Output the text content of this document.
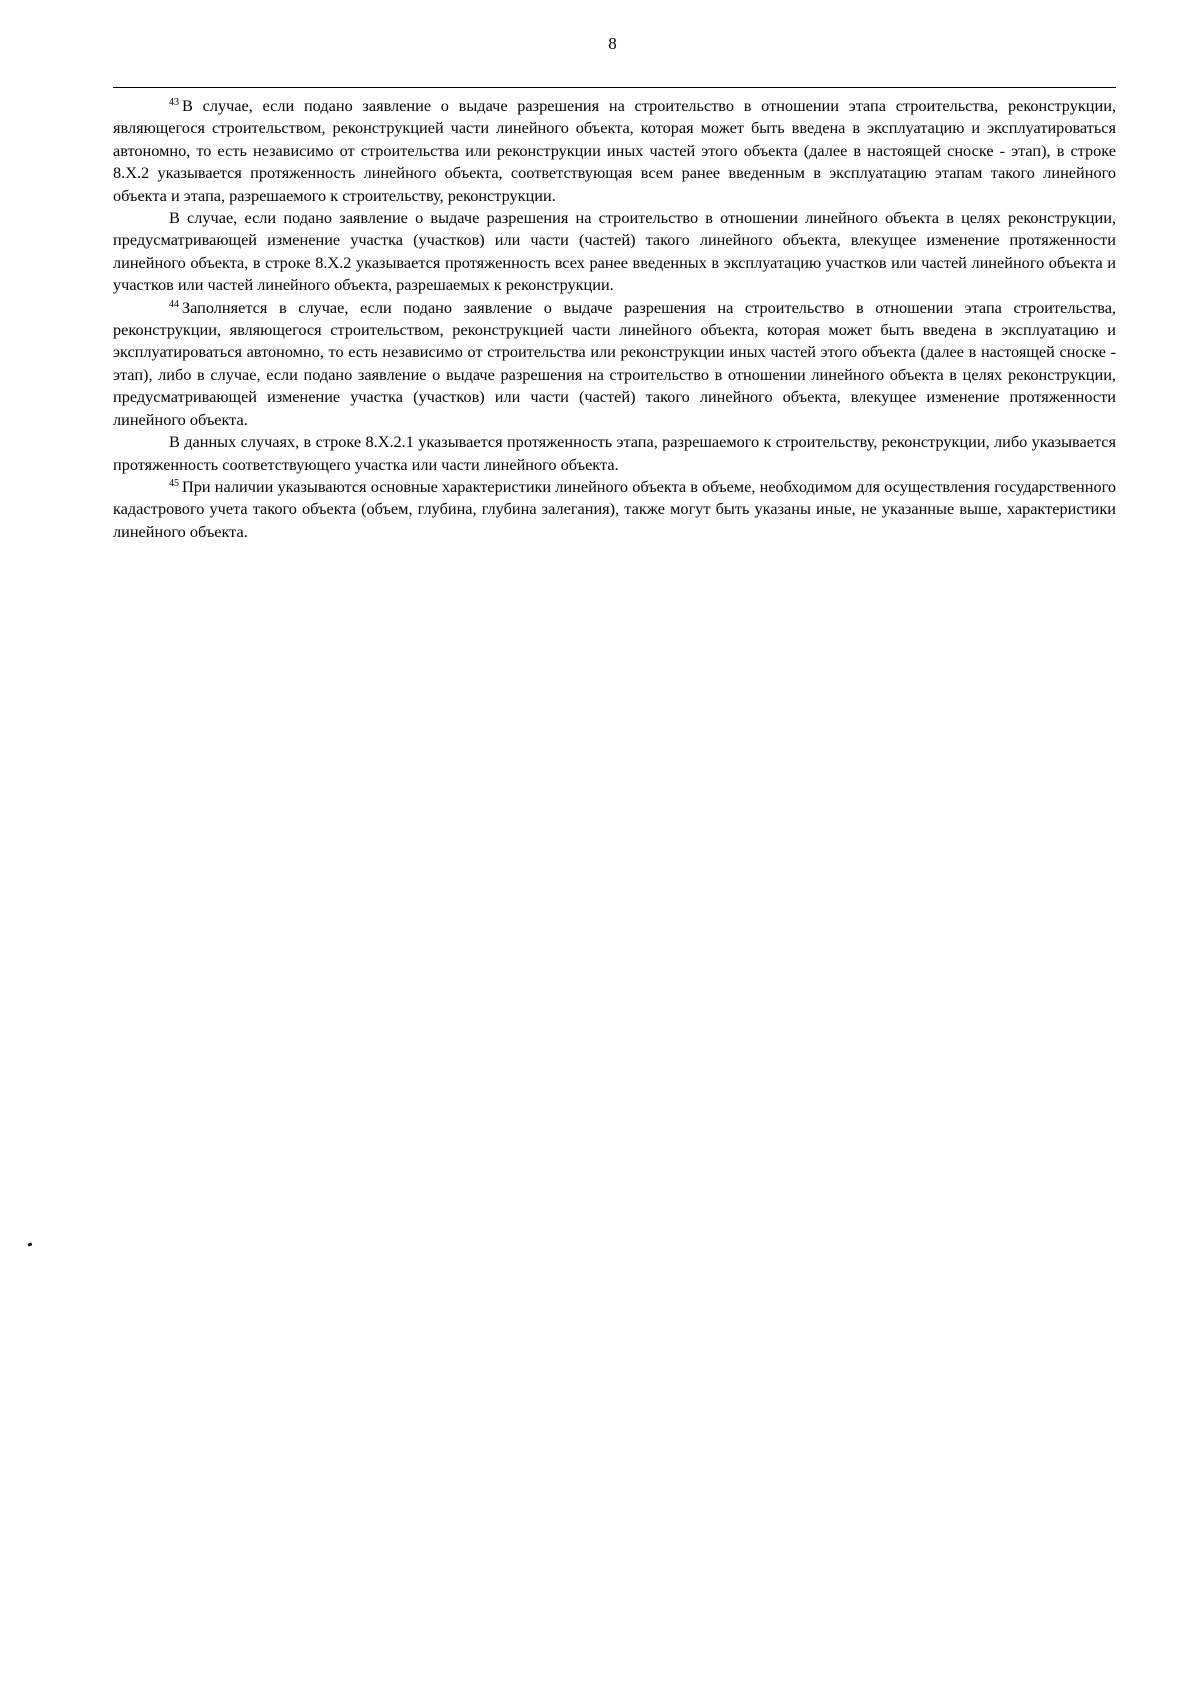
8

$^{43}$ В случае, если подано заявление о выдаче разрешения на строительство в отношении этапа строительства, реконструкции, являющегося строительством, реконструкцией части линейного объекта, которая может быть введена в эксплуатацию и эксплуатироваться автономно, то есть независимо от строительства или реконструкции иных частей этого объекта (далее в настоящей сноске - этап), в строке 8.Х.2 указывается протяженность линейного объекта, соответствующая всем ранее введенным в эксплуатацию этапам такого линейного объекта и этапа, разрешаемого к строительству, реконструкции.

В случае, если подано заявление о выдаче разрешения на строительство в отношении линейного объекта в целях реконструкции, предусматривающей изменение участка (участков) или части (частей) такого линейного объекта, влекущее изменение протяженности линейного объекта, в строке 8.Х.2 указывается протяженность всех ранее введенных в эксплуатацию участков или частей линейного объекта и участков или частей линейного объекта, разрешаемых к реконструкции.

$^{44}$ Заполняется в случае, если подано заявление о выдаче разрешения на строительство в отношении этапа строительства, реконструкции, являющегося строительством, реконструкцией части линейного объекта, которая может быть введена в эксплуатацию и эксплуатироваться автономно, то есть независимо от строительства или реконструкции иных частей этого объекта (далее в настоящей сноске - этап), либо в случае, если подано заявление о выдаче разрешения на строительство в отношении линейного объекта в целях реконструкции, предусматривающей изменение участка (участков) или части (частей) такого линейного объекта, влекущее изменение протяженности линейного объекта.

В данных случаях, в строке 8.Х.2.1 указывается протяженность этапа, разрешаемого к строительству, реконструкции, либо указывается протяженность соответствующего участка или части линейного объекта.

$^{45}$ При наличии указываются основные характеристики линейного объекта в объеме, необходимом для осуществления государственного кадастрового учета такого объекта (объем, глубина, глубина залегания), также могут быть указаны иные, не указанные выше, характеристики линейного объекта.
